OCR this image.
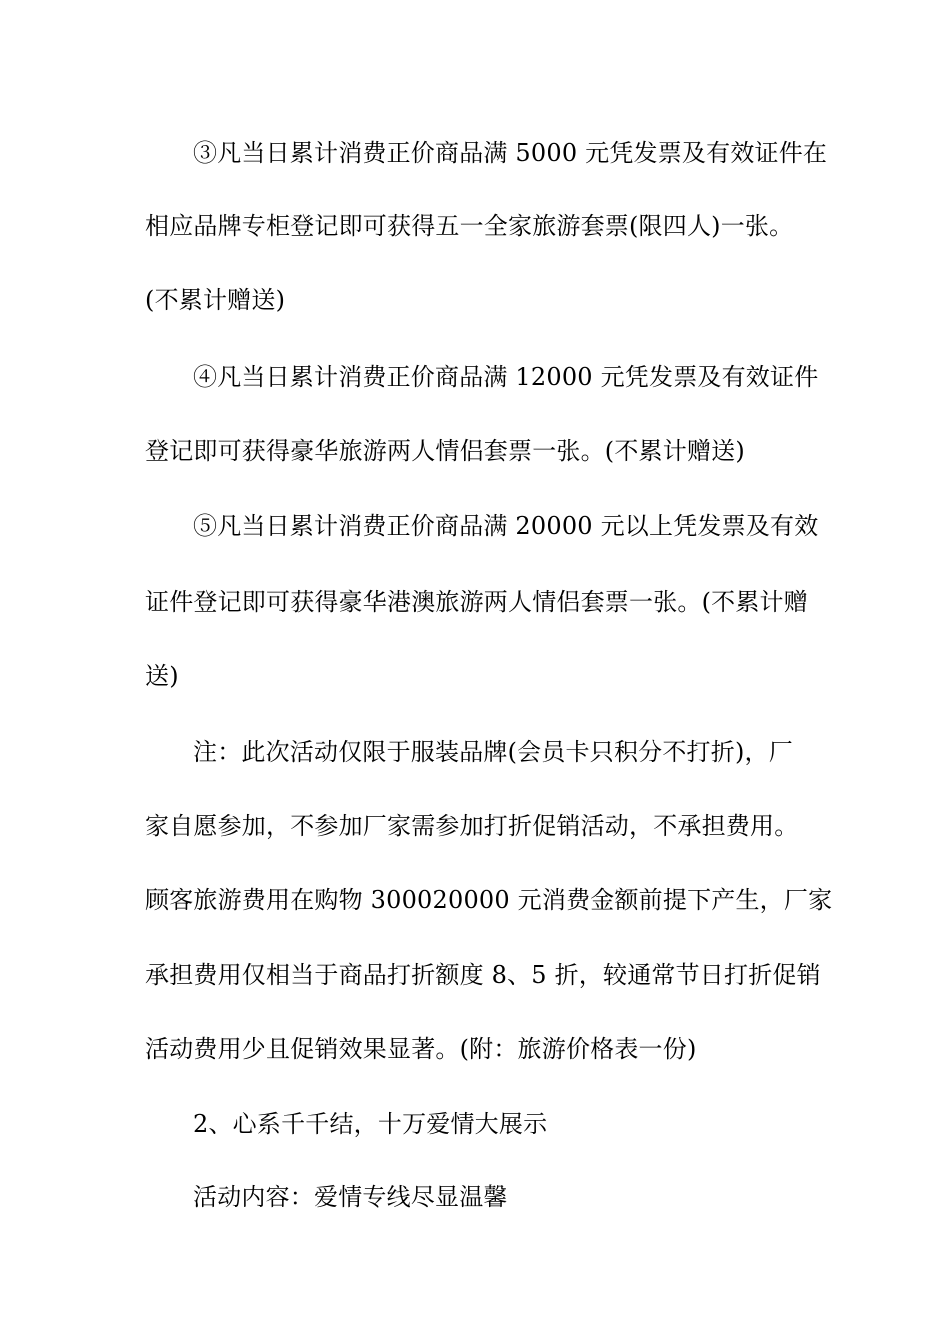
③凡当日累计消费正价商品满 5000 元凭发票及有效证件在
相应品牌专柜登记即可获得五一全家旅游套票(限四人)一张。
(不累计赠送)
④凡当日累计消费正价商品满 12000 元凭发票及有效证件
登记即可获得豪华旅游两人情侣套票一张。(不累计赠送)
⑤凡当日累计消费正价商品满 20000 元以上凭发票及有效
证件登记即可获得豪华港澳旅游两人情侣套票一张。(不累计赠
送)
注：此次活动仅限于服装品牌(会员卡只积分不打折)，厂
家自愿参加，不参加厂家需参加打折促销活动，不承担费用。
顾客旅游费用在购物 300020000 元消费金额前提下产生，厂家
承担费用仅相当于商品打折额度 8、5 折，较通常节日打折促销
活动费用少且促销效果显著。(附：旅游价格表一份)
2、心系千千结，十万爱情大展示
活动内容：爱情专线尽显温馨
